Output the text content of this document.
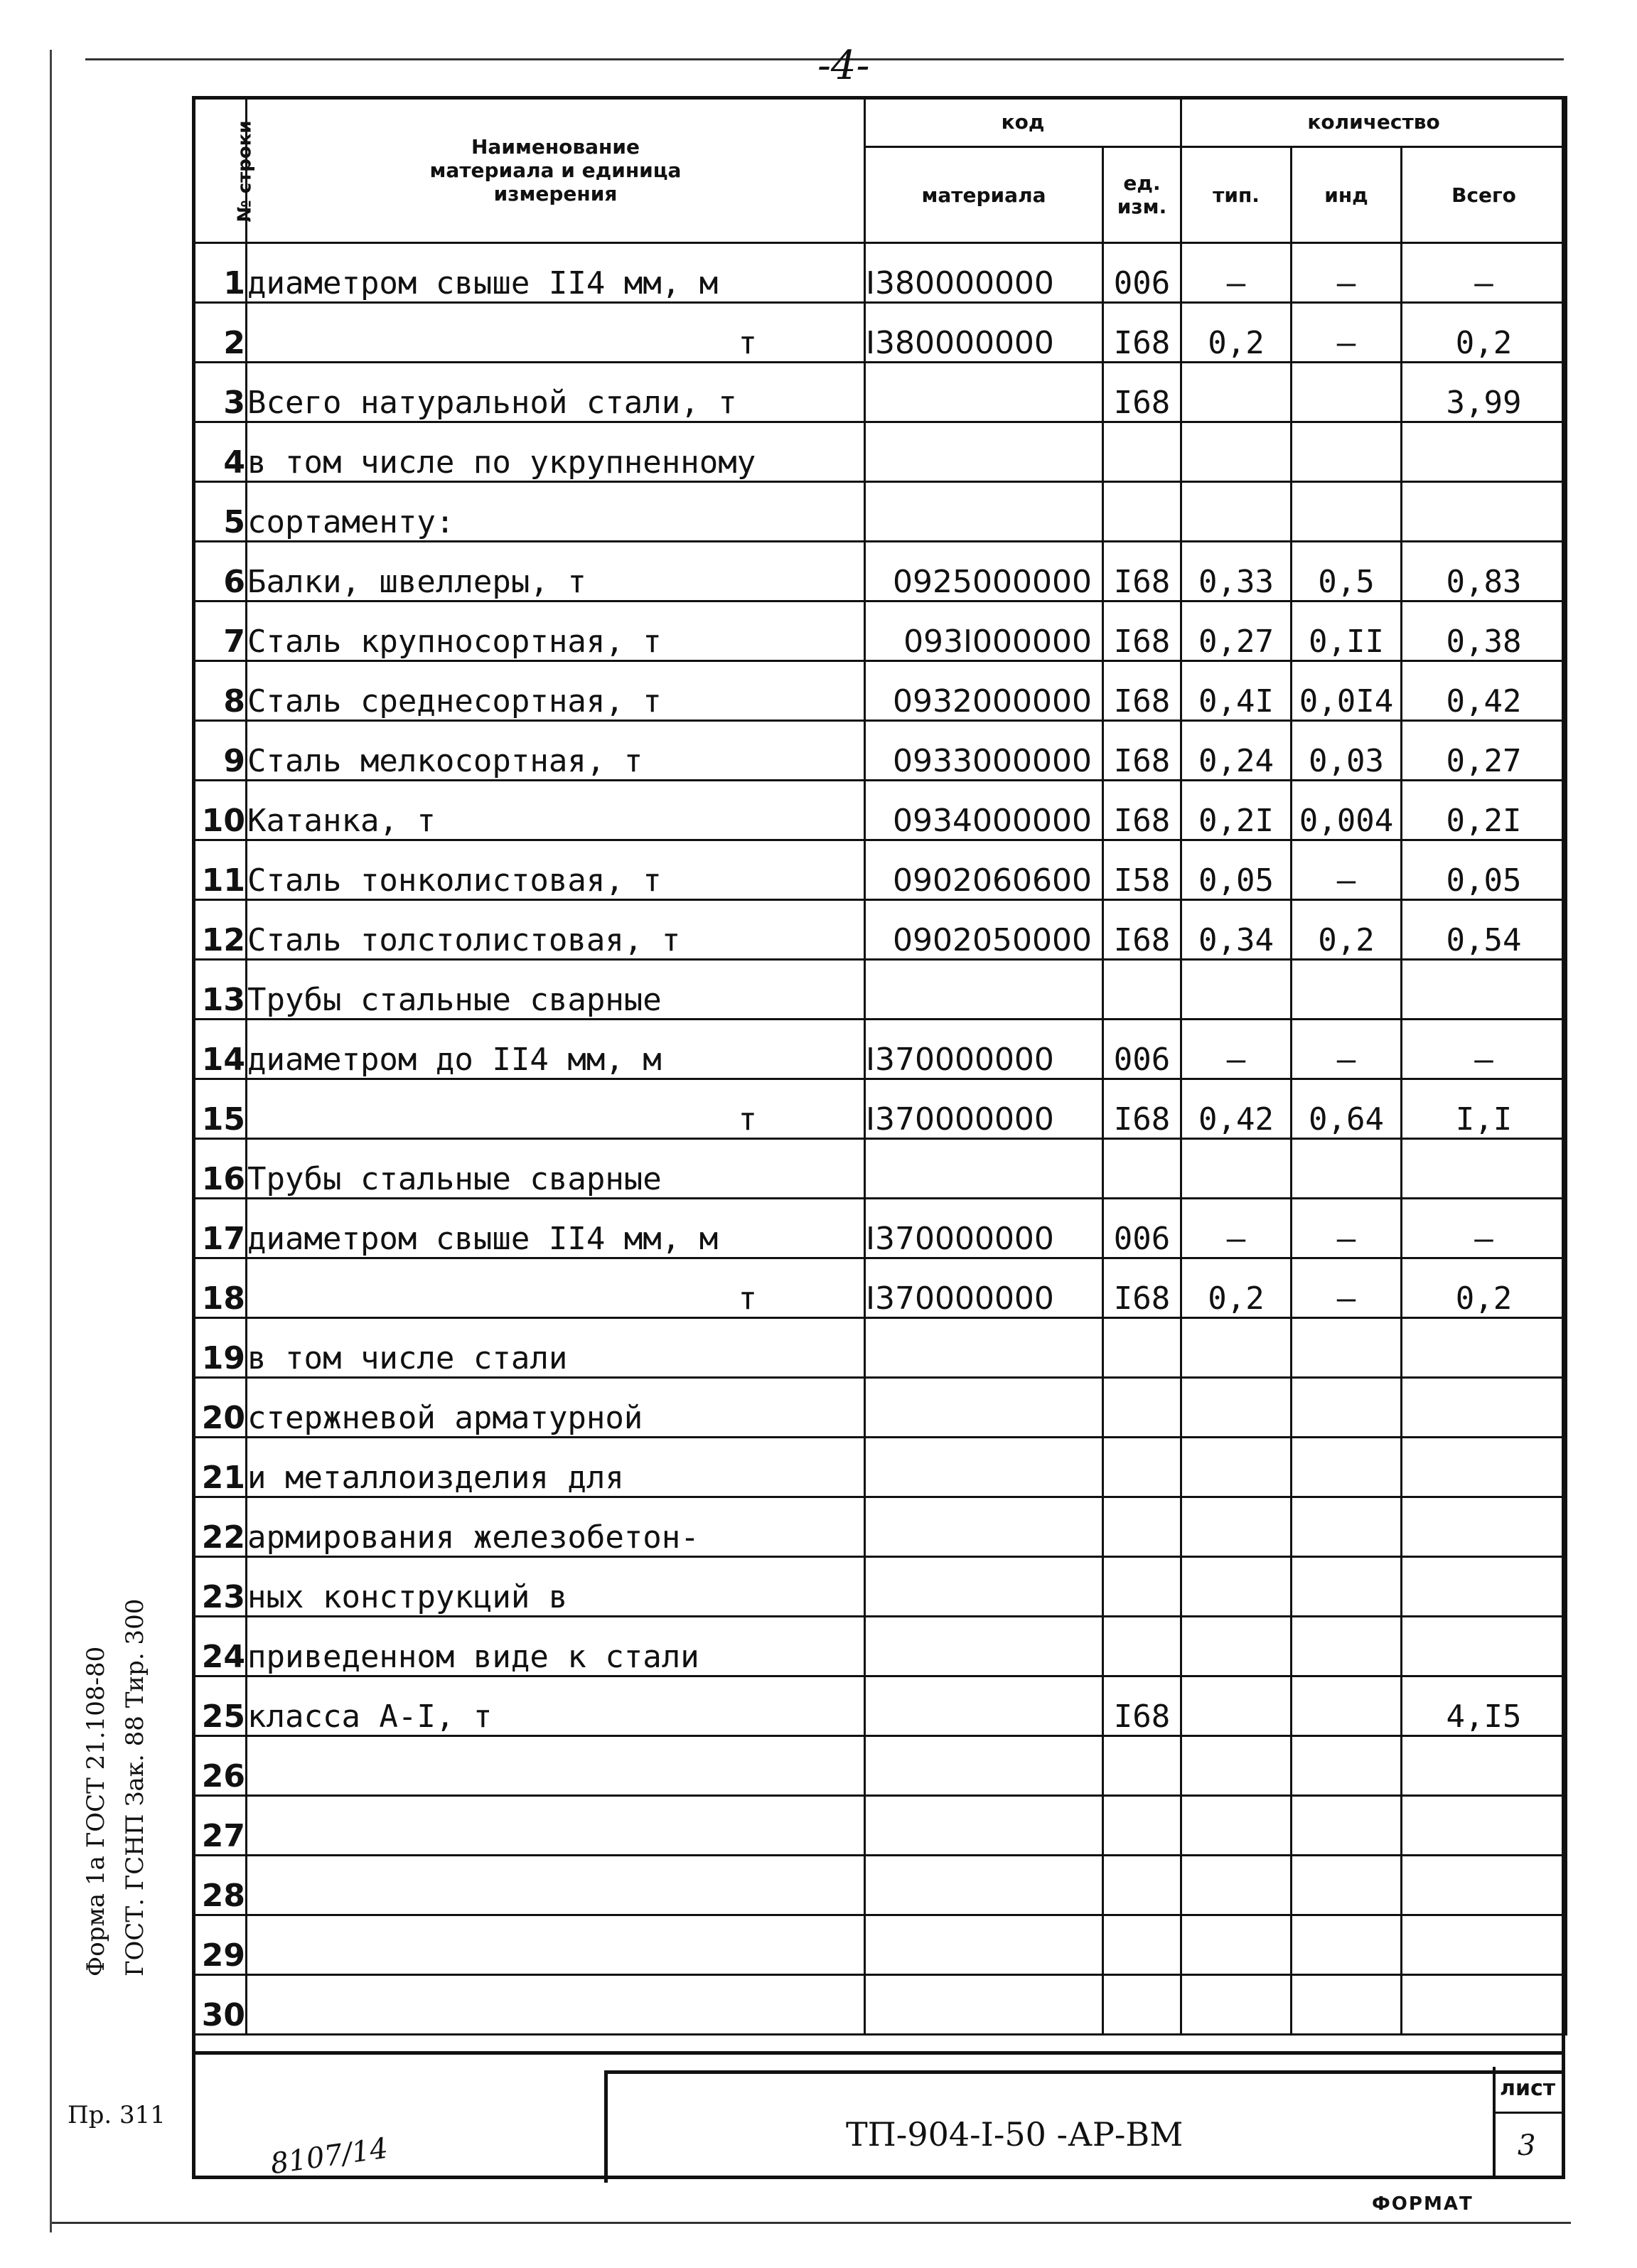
-4-
№ строки	Наименование материала и единица измерения	код		количество		
		материала	ед. изм.	тип.	инд	Всего
1	диаметром свыше II4 мм, м	I380000000	006	–	–	–
2	т	I380000000	I68	0,2	–	0,2
3	Всего натуральной стали, т		I68			3,99
4	в том числе по укрупненному					
5	сортаменту:					
6	Балки, швеллеры, т	0925000000	I68	0,33	0,5	0,83
7	Сталь крупносортная, т	093I000000	I68	0,27	0,II	0,38
8	Сталь среднесортная, т	0932000000	I68	0,4I	0,0I4	0,42
9	Сталь мелкосортная, т	0933000000	I68	0,24	0,03	0,27
10	Катанка, т	0934000000	I68	0,2I	0,004	0,2I
11	Сталь тонколистовая, т	0902060600	I58	0,05	–	0,05
12	Сталь толстолистовая, т	0902050000	I68	0,34	0,2	0,54
13	Трубы стальные сварные					
14	диаметром до II4 мм, м	I370000000	006	–	–	–
15	т	I370000000	I68	0,42	0,64	I,I
16	Трубы стальные сварные					
17	диаметром свыше II4 мм, м	I370000000	006	–	–	–
18	т	I370000000	I68	0,2	–	0,2
19	в том числе стали					
20	стержневой арматурной					
21	и металлоизделия для					
22	армирования железобетон-					
23	ных конструкций в					
24	приведенном виде к стали					
25	класса А-I, т		I68			4,I5
26						
27						
28						
29						
30						
лист
3
ТП-904-I-50 -АР-ВМ
8107/14
ФОРМАТ
Форма 1а ГОСТ 21.108-80 ГОСТ. ГСНП Зак. 88 Тир. 300
Пр. 311
